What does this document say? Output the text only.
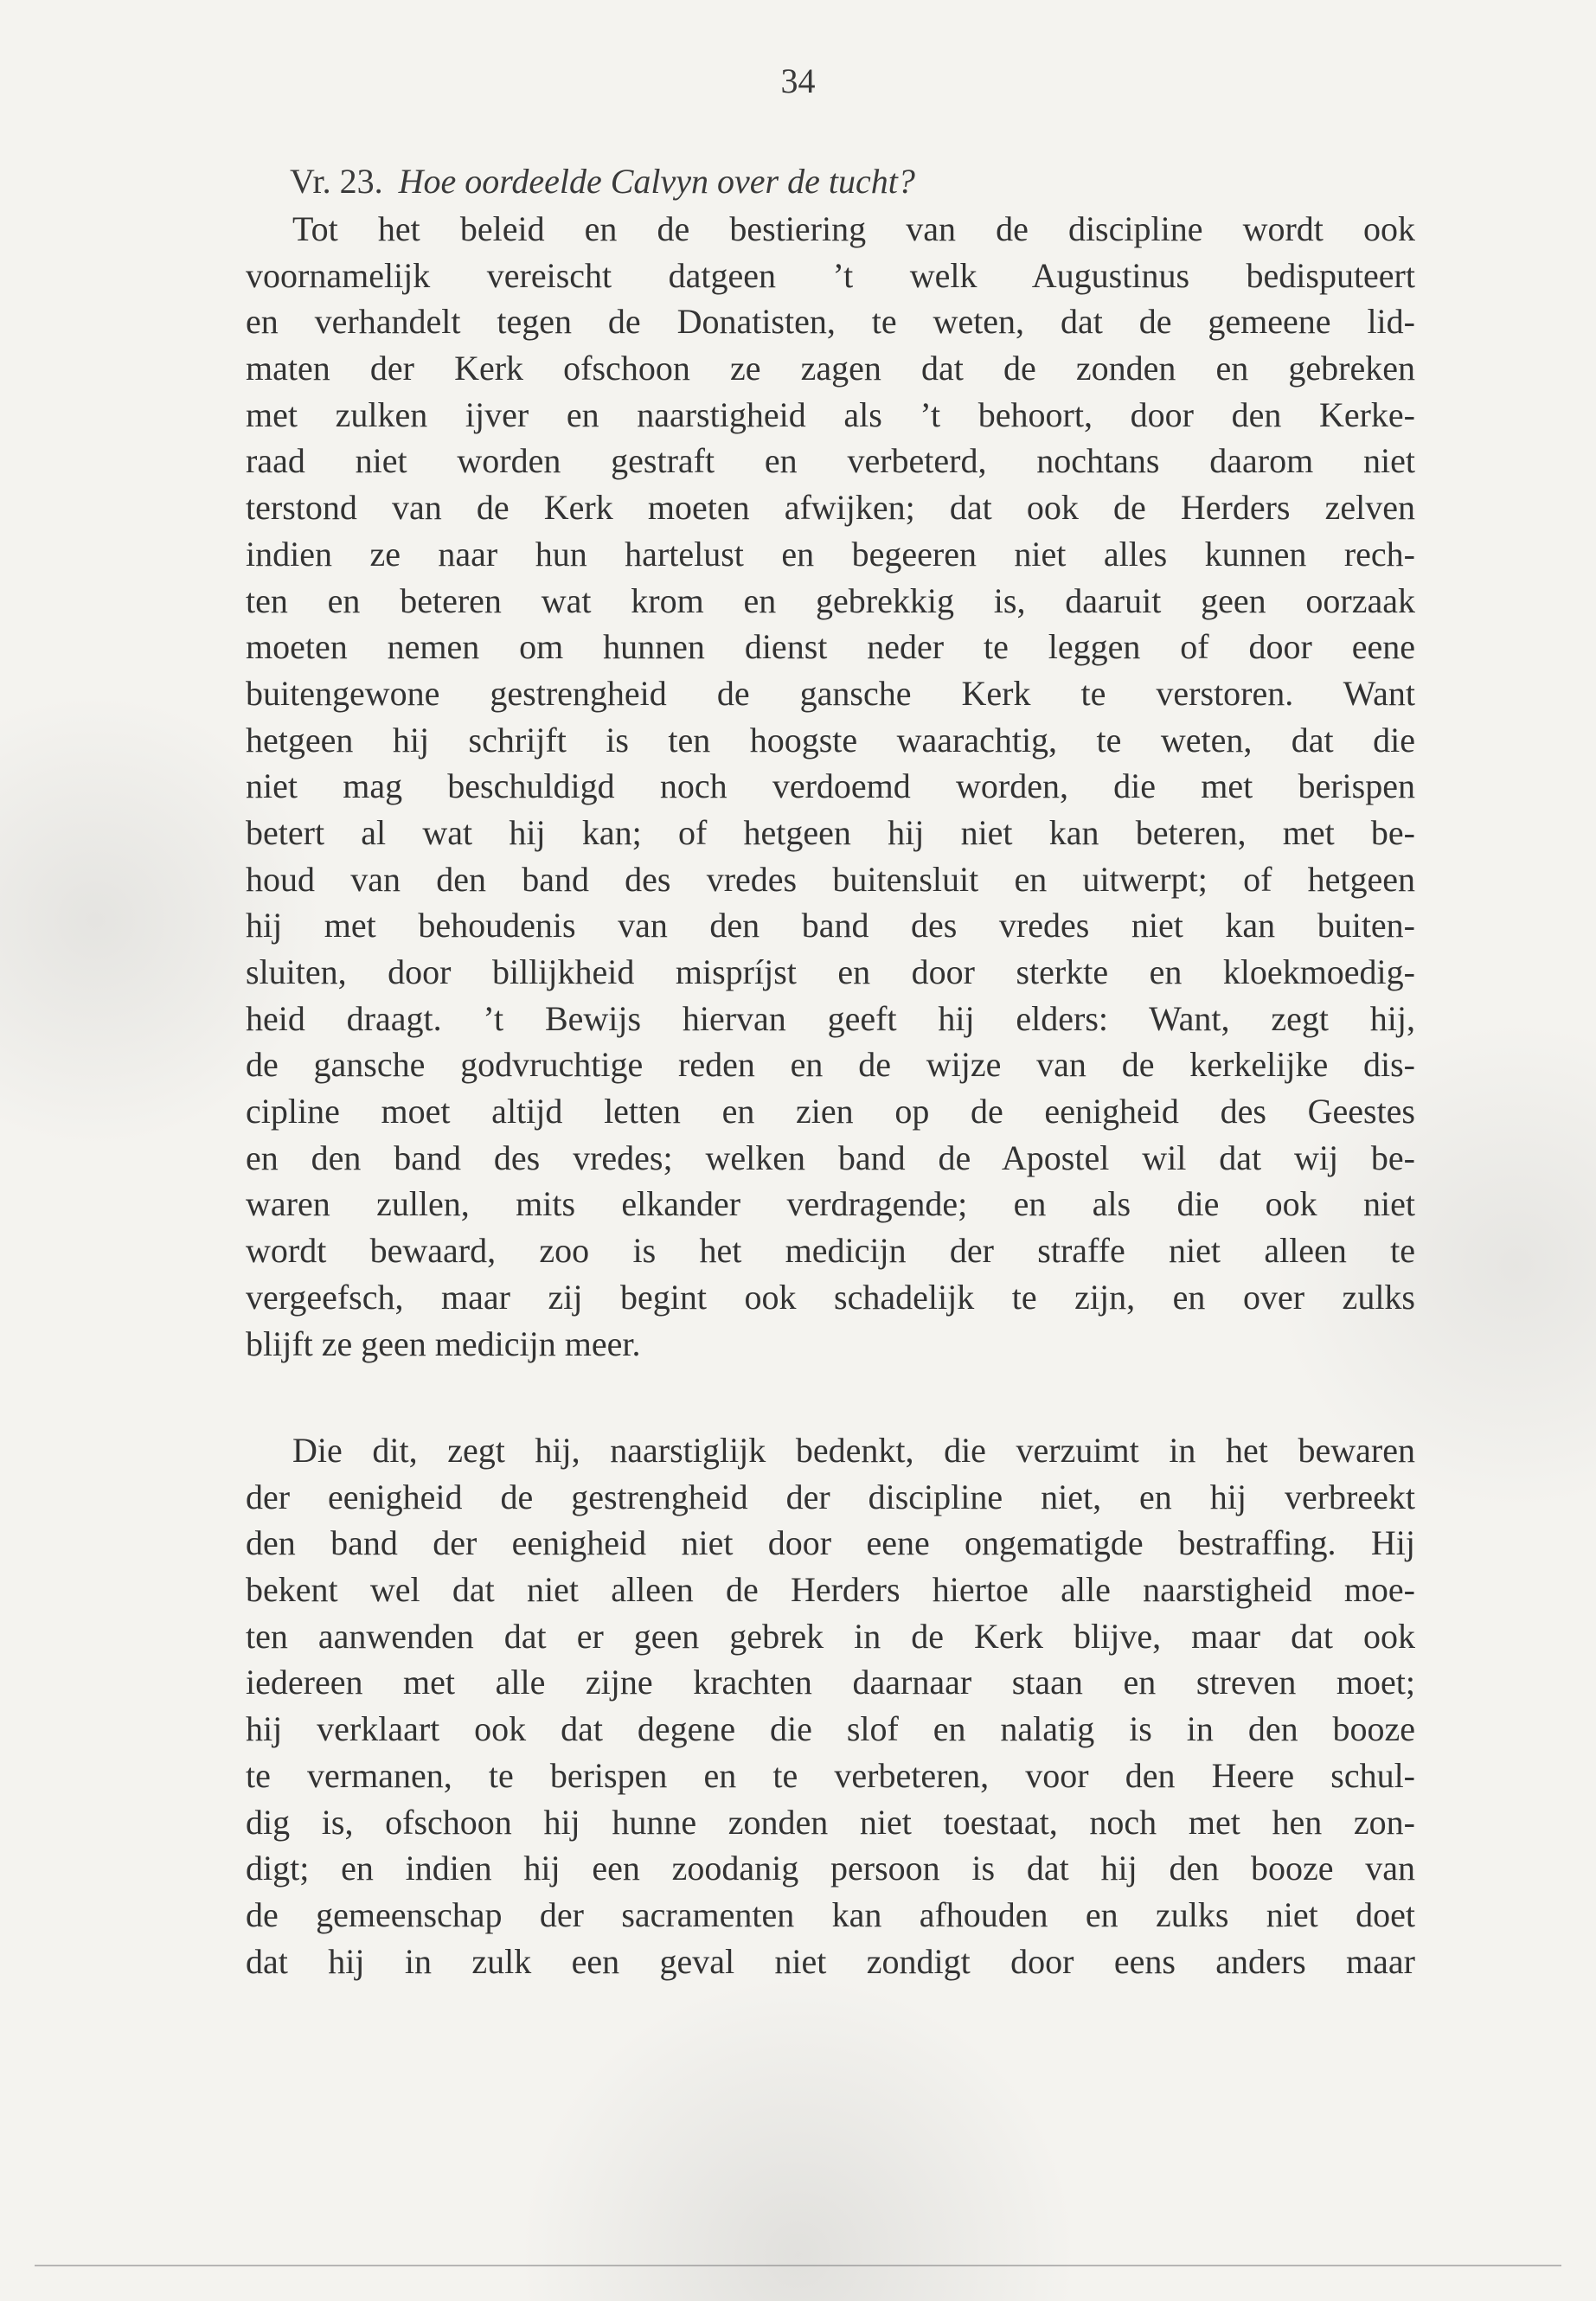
34
Vr. 23. Hoe oordeelde Calvyn over de tucht?
Tot het beleid en de bestiering van de discipline wordt ook
voornamelijk vereischt datgeen ’t welk Augustinus bedisputeert
en verhandelt tegen de Donatisten, te weten, dat de gemeene lid-
maten der Kerk ofschoon ze zagen dat de zonden en gebreken
met zulken ijver en naarstigheid als ’t behoort, door den Kerke-
raad niet worden gestraft en verbeterd, nochtans daarom niet
terstond van de Kerk moeten afwijken; dat ook de Herders zelven
indien ze naar hun hartelust en begeeren niet alles kunnen rech-
ten en beteren wat krom en gebrekkig is, daaruit geen oorzaak
moeten nemen om hunnen dienst neder te leggen of door eene
buitengewone gestrengheid de gansche Kerk te verstoren. Want
hetgeen hij schrijft is ten hoogste waarachtig, te weten, dat die
niet mag beschuldigd noch verdoemd worden, die met berispen
betert al wat hij kan; of hetgeen hij niet kan beteren, met be-
houd van den band des vredes buitensluit en uitwerpt; of hetgeen
hij met behoudenis van den band des vredes niet kan buiten-
sluiten, door billijkheid mispríjst en door sterkte en kloekmoedig-
heid draagt. ’t Bewijs hiervan geeft hij elders: Want, zegt hij,
de gansche godvruchtige reden en de wijze van de kerkelijke dis-
cipline moet altijd letten en zien op de eenigheid des Geestes
en den band des vredes; welken band de Apostel wil dat wij be-
waren zullen, mits elkander verdragende; en als die ook niet
wordt bewaard, zoo is het medicijn der straffe niet alleen te
vergeefsch, maar zij begint ook schadelijk te zijn, en over zulks
blijft ze geen medicijn meer.
Die dit, zegt hij, naarstiglijk bedenkt, die verzuimt in het bewaren
der eenigheid de gestrengheid der discipline niet, en hij verbreekt
den band der eenigheid niet door eene ongematigde bestraffing. Hij
bekent wel dat niet alleen de Herders hiertoe alle naarstigheid moe-
ten aanwenden dat er geen gebrek in de Kerk blijve, maar dat ook
iedereen met alle zijne krachten daarnaar staan en streven moet;
hij verklaart ook dat degene die slof en nalatig is in den booze
te vermanen, te berispen en te verbeteren, voor den Heere schul-
dig is, ofschoon hij hunne zonden niet toestaat, noch met hen zon-
digt; en indien hij een zoodanig persoon is dat hij den booze van
de gemeenschap der sacramenten kan afhouden en zulks niet doet
dat hij in zulk een geval niet zondigt door eens anders maar
